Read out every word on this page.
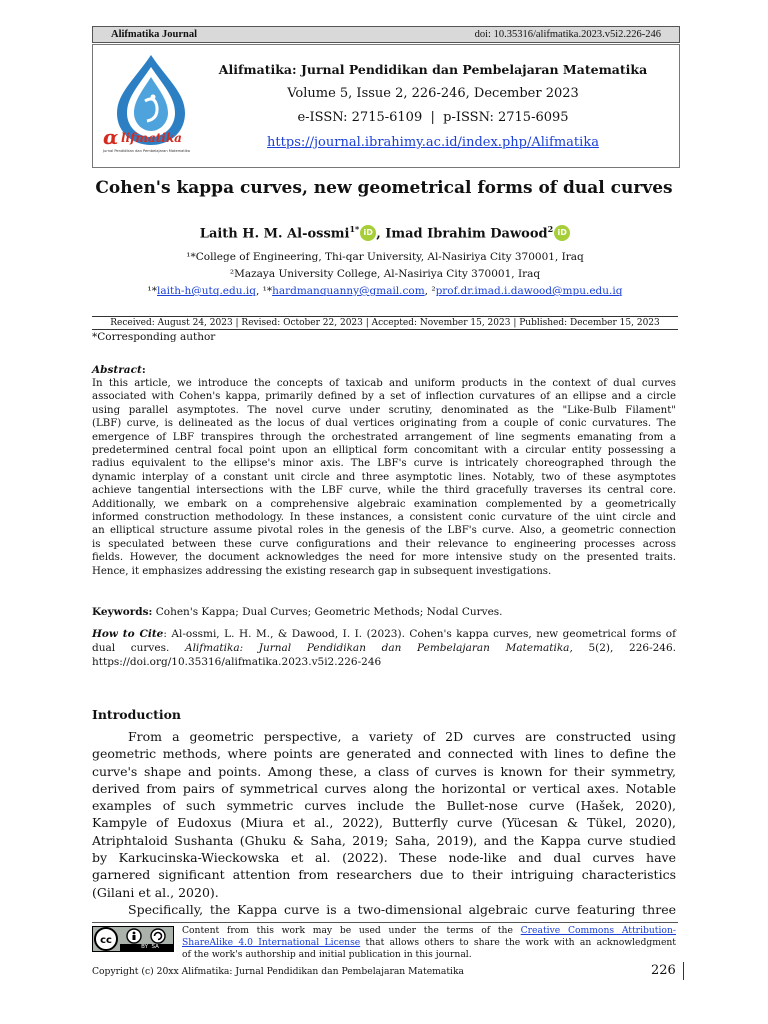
Alifmatika Journal	doi: 10.35316/alifmatika.2023.v5i2.226-246
α lifmatika
Jurnal Pendidikan dan Pembelajaran Matematika
Alifmatika: Jurnal Pendidikan dan Pembelajaran Matematika
Volume 5, Issue 2, 226-246, December 2023
e-ISSN: 2715-6109  |  p-ISSN: 2715-6095
https://journal.ibrahimy.ac.id/index.php/Alifmatika
Cohen's kappa curves, new geometrical forms of dual curves
Laith H. M. Al-ossmi$^{1*}$ iD , Imad Ibrahim Dawood$^2$ iD
¹*College of Engineering, Thi-qar University, Al-Nasiriya City 370001, Iraq
²Mazaya University College, Al-Nasiriya City 370001, Iraq
¹*laith-h@utq.edu.iq, ¹*hardmanquanny@gmail.com, ²prof.dr.imad.i.dawood@mpu.edu.iq
Received: August 24, 2023 | Revised: October 22, 2023 | Accepted: November 15, 2023 | Published: December 15, 2023
*Corresponding author
Abstract:
In this article, we introduce the concepts of taxicab and uniform products in the context of dual curves
associated with Cohen's kappa, primarily defined by a set of inflection curvatures of an ellipse and a circle
using parallel asymptotes. The novel curve under scrutiny, denominated as the "Like-Bulb Filament"
(LBF) curve, is delineated as the locus of dual vertices originating from a couple of conic curvatures. The
emergence of LBF transpires through the orchestrated arrangement of line segments emanating from a
predetermined central focal point upon an elliptical form concomitant with a circular entity possessing a
radius equivalent to the ellipse's minor axis. The LBF's curve is intricately choreographed through the
dynamic interplay of a constant unit circle and three asymptotic lines. Notably, two of these asymptotes
achieve tangential intersections with the LBF curve, while the third gracefully traverses its central core.
Additionally, we embark on a comprehensive algebraic examination complemented by a geometrically
informed construction methodology. In these instances, a consistent conic curvature of the uint circle and
an elliptical structure assume pivotal roles in the genesis of the LBF's curve. Also, a geometric connection
is speculated between these curve configurations and their relevance to engineering processes across
fields. However, the document acknowledges the need for more intensive study on the presented traits.
Hence, it emphasizes addressing the existing research gap in subsequent investigations.
Keywords: Cohen's Kappa; Dual Curves; Geometric Methods; Nodal Curves.
How to Cite: Al-ossmi, L. H. M., & Dawood, I. I. (2023). Cohen's kappa curves, new geometrical forms of
dual curves. Alifmatika: Jurnal Pendidikan dan Pembelajaran Matematika, 5(2), 226-246.
https://doi.org/10.35316/alifmatika.2023.v5i2.226-246
Introduction
From a geometric perspective, a variety of 2D curves are constructed using
geometric methods, where points are generated and connected with lines to define the
curve's shape and points. Among these, a class of curves is known for their symmetry,
derived from pairs of symmetrical curves along the horizontal or vertical axes. Notable
examples of such symmetric curves include the Bullet-nose curve (Hašek, 2020),
Kampyle of Eudoxus (Miura et al., 2022), Butterfly curve (Yücesan & Tükel, 2020),
Atriphtaloid Sushanta (Ghuku & Saha, 2019; Saha, 2019), and the Kappa curve studied
by Karkucinska-Wieckowska et al. (2022). These node-like and dual curves have
garnered significant attention from researchers due to their intriguing characteristics
(Gilani et al., 2020).
Specifically, the Kappa curve is a two-dimensional algebraic curve featuring three
cc
BY  SA
Content from this work may be used under the terms of the Creative Commons Attribution-
ShareAlike 4.0 International License that allows others to share the work with an acknowledgment
of the work's authorship and initial publication in this journal.
Copyright (c) 20xx Alifmatika: Jurnal Pendidikan dan Pembelajaran Matematika	226
